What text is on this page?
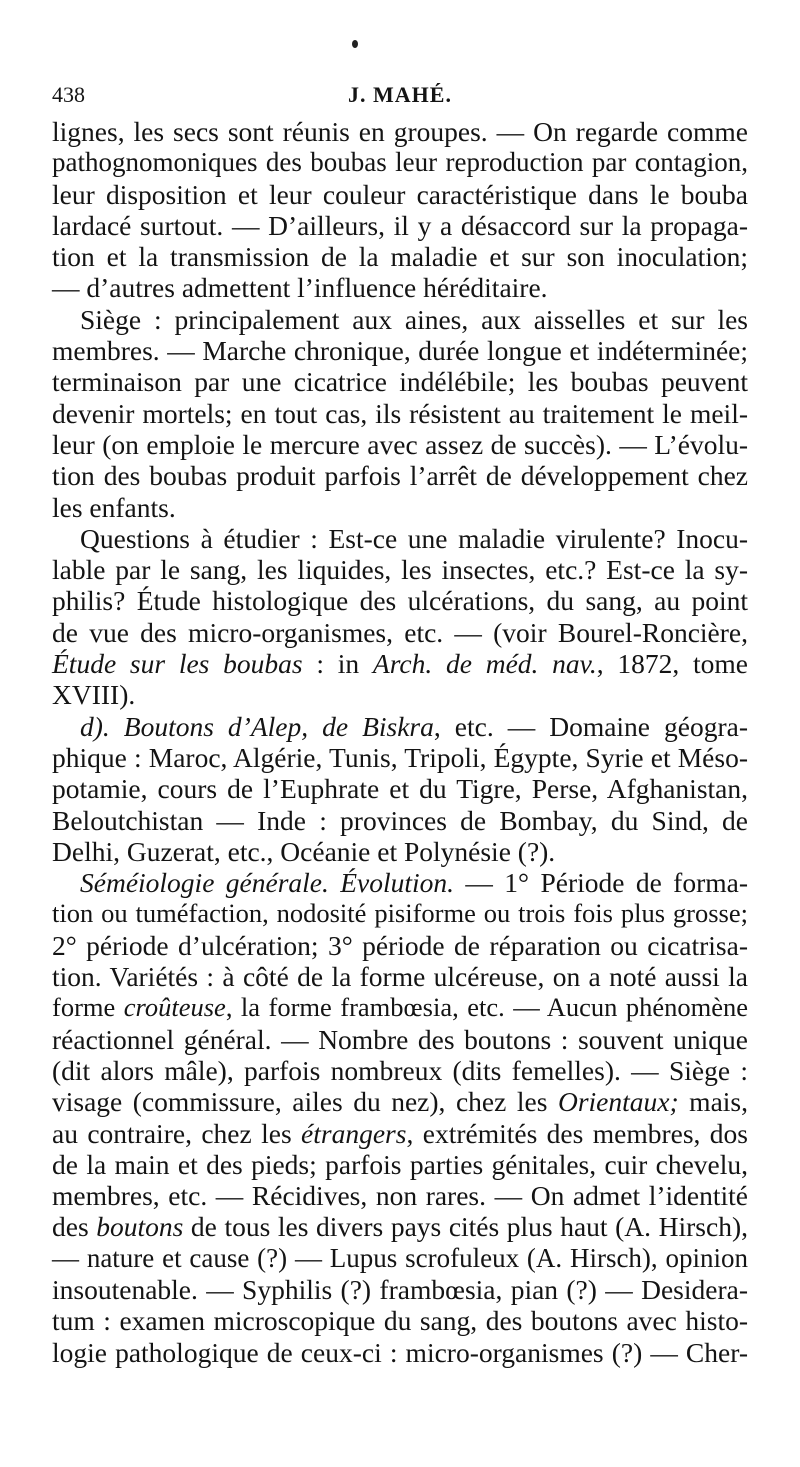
438	J. MAHÉ.
lignes, les secs sont réunis en groupes. — On regarde comme
pathognomoniques des boubas leur reproduction par contagion,
leur disposition et leur couleur caractéristique dans le bouba
lardacé surtout. — D’ailleurs, il y a désaccord sur la propaga-
tion et la transmission de la maladie et sur son inoculation;
— d’autres admettent l’influence héréditaire.
Siège : principalement aux aines, aux aisselles et sur les
membres. — Marche chronique, durée longue et indéterminée;
terminaison par une cicatrice indélébile; les boubas peuvent
devenir mortels; en tout cas, ils résistent au traitement le meil-
leur (on emploie le mercure avec assez de succès). — L’évolu-
tion des boubas produit parfois l’arrêt de développement chez
les enfants.
Questions à étudier : Est-ce une maladie virulente? Inocu-
lable par le sang, les liquides, les insectes, etc.? Est-ce la sy-
philis? Étude histologique des ulcérations, du sang, au point
de vue des micro-organismes, etc. — (voir Bourel-Roncière,
Étude sur les boubas : in Arch. de méd. nav., 1872, tome
XVIII).
d). Boutons d’Alep, de Biskra, etc. — Domaine géogra-
phique : Maroc, Algérie, Tunis, Tripoli, Égypte, Syrie et Méso-
potamie, cours de l’Euphrate et du Tigre, Perse, Afghanistan,
Beloutchistan — Inde : provinces de Bombay, du Sind, de
Delhi, Guzerat, etc., Océanie et Polynésie (?).
Séméiologie générale. Évolution. — 1° Période de forma-
tion ou tuméfaction, nodosité pisiforme ou trois fois plus grosse;
2° période d’ulcération; 3° période de réparation ou cicatrisa-
tion. Variétés : à côté de la forme ulcéreuse, on a noté aussi la
forme croûteuse, la forme frambœsia, etc. — Aucun phénomène
réactionnel général. — Nombre des boutons : souvent unique
(dit alors mâle), parfois nombreux (dits femelles). — Siège :
visage (commissure, ailes du nez), chez les Orientaux; mais,
au contraire, chez les étrangers, extrémités des membres, dos
de la main et des pieds; parfois parties génitales, cuir chevelu,
membres, etc. — Récidives, non rares. — On admet l’identité
des boutons de tous les divers pays cités plus haut (A. Hirsch),
— nature et cause (?) — Lupus scrofuleux (A. Hirsch), opinion
insoutenable. — Syphilis (?) frambœsia, pian (?) — Desidera-
tum : examen microscopique du sang, des boutons avec histo-
logie pathologique de ceux-ci : micro-organismes (?) — Cher-
